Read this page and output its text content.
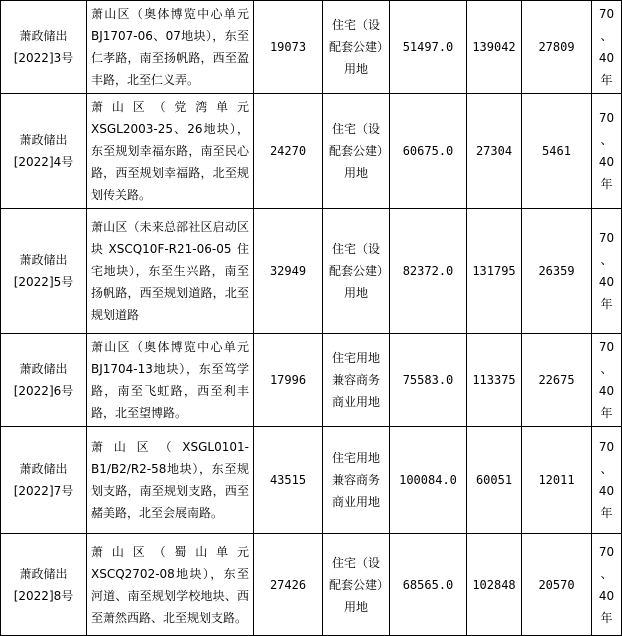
萧政储出[2022]3号	萧山区（奥体博览中心单元BJ1707-06、07地块），东至仁孝路，南至扬帆路，西至盈丰路，北至仁义弄。	19073	住宅（设配套公建）用地	51497.0	139042	27809	70
、
40
年
萧政储出[2022]4号	萧山区（党湾单元XSGL2003-25、26地块），东至规划幸福东路，南至民心路，西至规划幸福路，北至规划传关路。	24270	住宅（设配套公建）用地	60675.0	27304	5461	70
、
40
年
萧政储出[2022]5号	萧山区（未来总部社区启动区块XSCQ10F-R21-06-05住宅地块），东至生兴路，南至扬帆路，西至规划道路，北至规划道路	32949	住宅（设配套公建）用地	82372.0	131795	26359	70
、
40
年
萧政储出[2022]6号	萧山区（奥体博览中心单元BJ1704-13地块），东至笃学路，南至飞虹路，西至利丰路，北至望博路。	17996	住宅用地兼容商务商业用地	75583.0	113375	22675	70
、
40
年
萧政储出[2022]7号	萧山区（XSGL0101-B1/B2/R2-58地块），东至规划支路，南至规划支路，西至赭美路，北至会展南路。	43515	住宅用地兼容商务商业用地	100084.0	60051	12011	70
、
40
年
萧政储出[2022]8号	萧山区（蜀山单元XSCQ2702-08地块），东至河道、南至规划学校地块、西至萧然西路、北至规划支路。	27426	住宅（设配套公建）用地	68565.0	102848	20570	70
、
40
年
